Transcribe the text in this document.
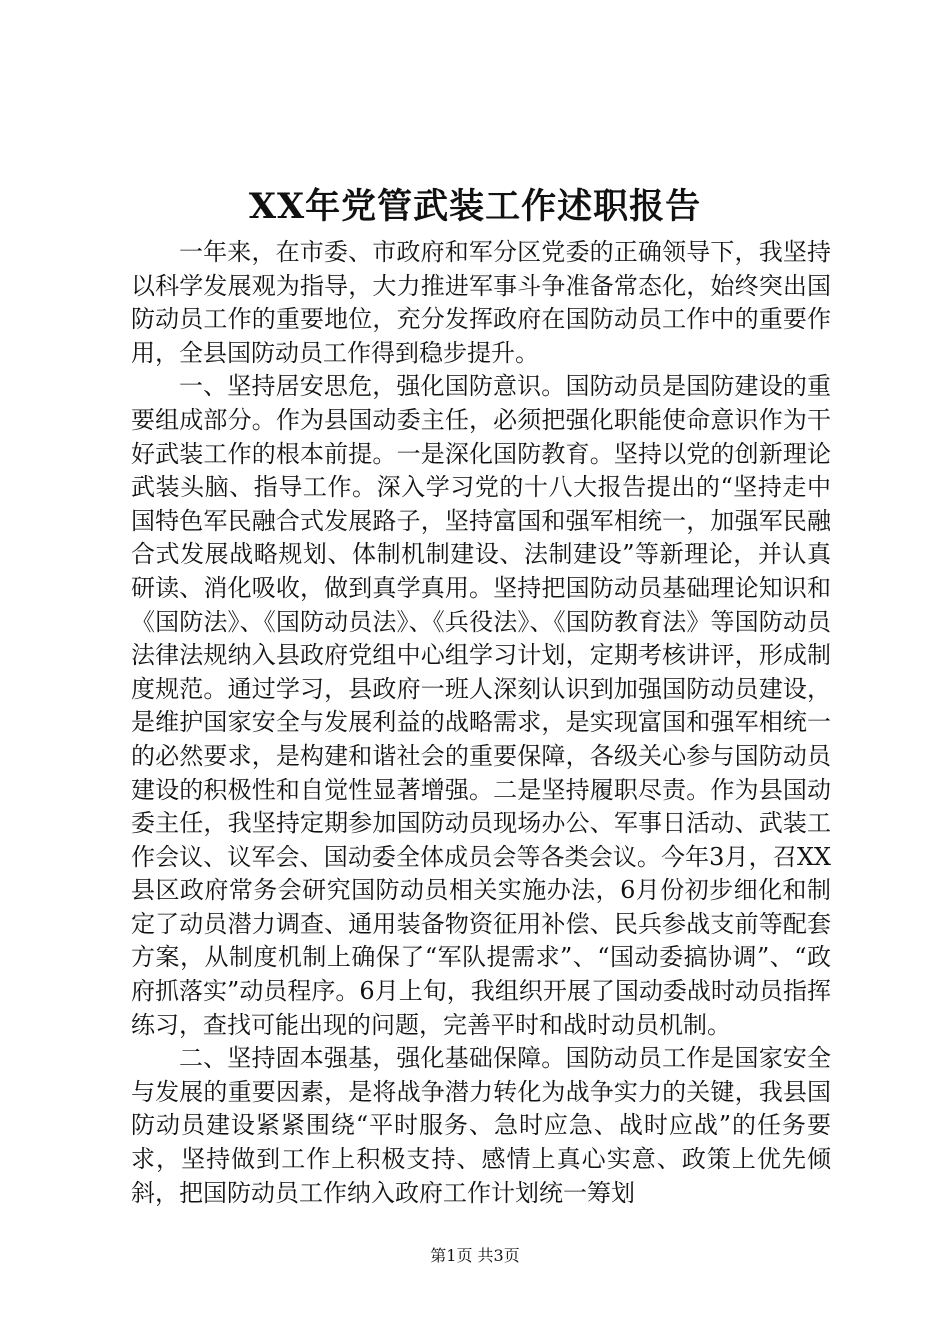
XX年党管武装工作述职报告

一年来，在市委、市政府和军分区党委的正确领导下，我坚持以科学发展观为指导，大力推进军事斗争准备常态化，始终突出国防动员工作的重要地位，充分发挥政府在国防动员工作中的重要作用，全县国防动员工作得到稳步提升。

一、坚持居安思危，强化国防意识。国防动员是国防建设的重要组成部分。作为县国动委主任，必须把强化职能使命意识作为干好武装工作的根本前提。一是深化国防教育。坚持以党的创新理论武装头脑、指导工作。深入学习党的十八大报告提出的“坚持走中国特色军民融合式发展路子，坚持富国和强军相统一，加强军民融合式发展战略规划、体制机制建设、法制建设”等新理论，并认真研读、消化吸收，做到真学真用。坚持把国防动员基础理论知识和《国防法》、《国防动员法》、《兵役法》、《国防教育法》等国防动员法律法规纳入县政府党组中心组学习计划，定期考核讲评，形成制度规范。通过学习，县政府一班人深刻认识到加强国防动员建设，是维护国家安全与发展利益的战略需求，是实现富国和强军相统一的必然要求，是构建和谐社会的重要保障，各级关心参与国防动员建设的积极性和自觉性显著增强。二是坚持履职尽责。作为县国动委主任，我坚持定期参加国防动员现场办公、军事日活动、武装工作会议、议军会、国动委全体成员会等各类会议。今年3月，召XX县区政府常务会研究国防动员相关实施办法，6月份初步细化和制定了动员潜力调查、通用装备物资征用补偿、民兵参战支前等配套方案，从制度机制上确保了“军队提需求”、“国动委搞协调”、“政府抓落实”动员程序。6月上旬，我组织开展了国动委战时动员指挥练习，查找可能出现的问题，完善平时和战时动员机制。

二、坚持固本强基，强化基础保障。国防动员工作是国家安全与发展的重要因素，是将战争潜力转化为战争实力的关键，我县国防动员建设紧紧围绕“平时服务、急时应急、战时应战”的任务要求，坚持做到工作上积极支持、感情上真心实意、政策上优先倾斜，把国防动员工作纳入政府工作计划统一筹划

第1页 共3页
